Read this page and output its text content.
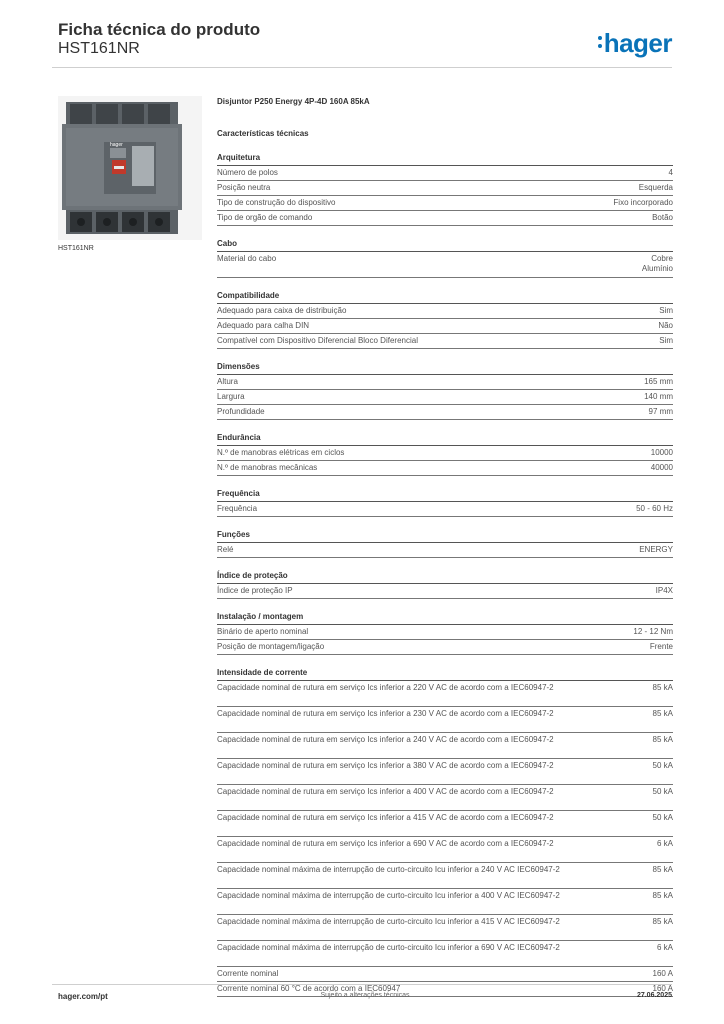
Ficha técnica do produto
HST161NR	hager
hager
HST161NR
Disjuntor P250 Energy 4P-4D 160A 85kA
Características técnicas
Arquitetura
Número de polos	4
Posição neutra	Esquerda
Tipo de construção do dispositivo	Fixo incorporado
Tipo de orgão de comando	Botão
Cabo
Material do cabo	Cobre
Alumínio
Compatibilidade
Adequado para caixa de distribuição	Sim
Adequado para calha DIN	Não
Compatível com Dispositivo Diferencial Bloco Diferencial	Sim
Dimensões
Altura	165 mm
Largura	140 mm
Profundidade	97 mm
Endurância
N.º de manobras elétricas em ciclos	10000
N.º de manobras mecânicas	40000
Frequência
Frequência	50 - 60 Hz
Funções
Relé	ENERGY
Índice de proteção
Índice de proteção IP	IP4X
Instalação / montagem
Binário de aperto nominal	12 - 12 Nm
Posição de montagem/ligação	Frente
Intensidade de corrente
Capacidade nominal de rutura em serviço Ics inferior a 220 V AC de acordo com a IEC60947-2	85 kA
Capacidade nominal de rutura em serviço Ics inferior a 230 V AC de acordo com a IEC60947-2	85 kA
Capacidade nominal de rutura em serviço Ics inferior a 240 V AC de acordo com a IEC60947-2	85 kA
Capacidade nominal de rutura em serviço Ics inferior a 380 V AC de acordo com a IEC60947-2	50 kA
Capacidade nominal de rutura em serviço Ics inferior a 400 V AC de acordo com a IEC60947-2	50 kA
Capacidade nominal de rutura em serviço Ics inferior a 415 V AC de acordo com a IEC60947-2	50 kA
Capacidade nominal de rutura em serviço Ics inferior a 690 V AC de acordo com a IEC60947-2	6 kA
Capacidade nominal máxima de interrupção de curto-circuito Icu inferior a 240 V AC IEC60947-2	85 kA
Capacidade nominal máxima de interrupção de curto-circuito Icu inferior a 400 V AC IEC60947-2	85 kA
Capacidade nominal máxima de interrupção de curto-circuito Icu inferior a 415 V AC IEC60947-2	85 kA
Capacidade nominal máxima de interrupção de curto-circuito Icu inferior a 690 V AC IEC60947-2	6 kA
Corrente nominal	160 A
Corrente nominal 60 °C de acordo com a IEC60947	160 A
Sujeito a alterações técnicas
hager.com/pt	27.06.2025
